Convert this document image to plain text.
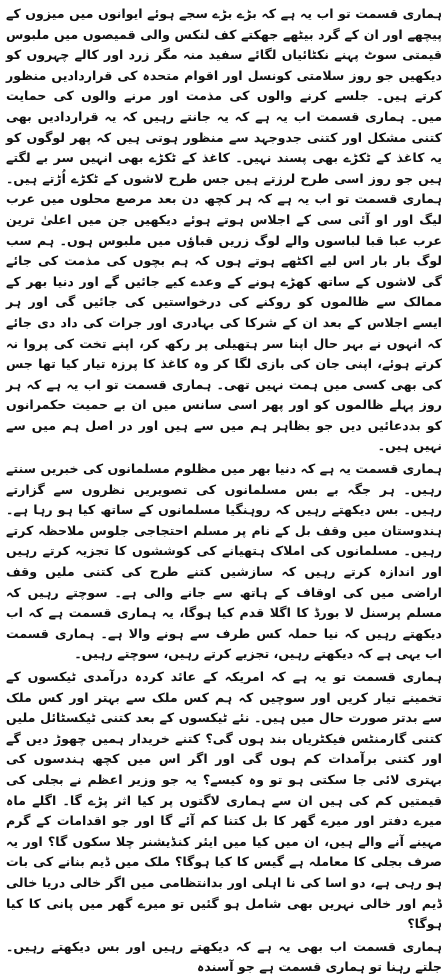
ہماری قسمت تو اب یہ ہے کہ بڑے بڑے سجے ہوئے ایوانوں میں میزوں کے پیچھے اور ان کے گرد بیٹھے جھکتے کف لنکس والی قمیصوں میں ملبوس قیمتی سوٹ پہنے نکٹائیاں لگائے سفید منہ مگر زرد اور کالے چہروں کو دیکھیں جو روز سلامتی کونسل اور اقوام متحدہ کی قراردادیں منظور کرتے ہیں۔ جلسے کرنے والوں کی مذمت اور مرنے والوں کی حمایت میں۔ ہماری قسمت اب یہ ہے کہ یہ جانتے رہیں کہ یہ قراردادیں بھی کتنی مشکل اور کتنی جدوجہد سے منظور ہوتی ہیں کہ پھر لوگوں کو یہ کاغذ کے ٹکڑے بھی پسند نہیں۔ کاغذ کے ٹکڑے بھی انہیں سر بے لگتے ہیں جو روز اسی طرح لرزتے ہیں جس طرح لاشوں کے ٹکڑے اُڑتے ہیں۔ ہماری قسمت تو اب یہ ہے کہ ہر کچھ دن بعد مرصع محلوں میں عرب لیگ اور او آئی سی کے اجلاس ہوتے ہوئے دیکھیں جن میں اعلیٰ ترین عرب عبا قبا لباسوں والے لوگ زریں قباؤں میں ملبوس ہوں۔ ہم سب لوگ بار بار اس لیے اکٹھے ہوتے ہوں کہ ہم بچوں کی مذمت کی جائے گی لاشوں کے ساتھ کھڑے ہونے کے وعدے کیے جائیں گے اور دنیا بھر کے ممالک سے ظالموں کو روکنے کی درخواستیں کی جائیں گی اور ہر ایسے اجلاس کے بعد ان کے شرکا کی بہادری اور جرات کی داد دی جائے کہ انہوں نے بہر حال اپنا سر ہتھیلی پر رکھ کر، اپنے تخت کی پروا نہ کرتے ہوئے، اپنی جان کی بازی لگا کر وہ کاغذ کا پرزہ تیار کیا تھا جس کی بھی کسی میں ہمت نہیں تھی۔ ہماری قسمت تو اب یہ ہے کہ ہر روز پہلے ظالموں کو اور پھر اسی سانس میں ان بے حمیت حکمرانوں کو بددعائیں دیں جو بظاہر ہم میں سے ہیں اور در اصل ہم میں سے نہیں ہیں۔

ہماری قسمت یہ ہے کہ دنیا بھر میں مظلوم مسلمانوں کی خبریں سنتے رہیں۔ ہر جگہ بے بس مسلمانوں کی تصویریں نظروں سے گزارتے رہیں۔ بس دیکھتے رہیں کہ روہنگیا مسلمانوں کے ساتھ کیا ہو رہا ہے۔ ہندوستان میں وقف بل کے نام پر مسلم احتجاجی جلوس ملاحظہ کرتے رہیں۔ مسلمانوں کی املاک ہتھیانے کی کوششوں کا تجزیہ کرتے رہیں اور اندازہ کرتے رہیں کہ سازشیں کتنے طرح کی کتنی ملیں وقف اراضی میں کی اوقاف کے ہاتھ سے جانے والی ہے۔ سوچتے رہیں کہ مسلم پرسنل لا بورڈ کا اگلا قدم کیا ہوگا، یہ ہماری قسمت ہے کہ اب دیکھتے رہیں کہ نیا حملہ کس طرف سے ہونے والا ہے۔ ہماری قسمت اب یہی ہے کہ دیکھتے رہیں، تجزیے کرتے رہیں، سوچتے رہیں۔

ہماری قسمت تو یہ ہے کہ امریکہ کے عائد کردہ درآمدی ٹیکسوں کے تخمینے تیار کریں اور سوچیں کہ ہم کس ملک سے بہتر اور کس ملک سے بدتر صورت حال میں ہیں۔ نئے ٹیکسوں کے بعد کتنی ٹیکسٹائل ملیں کتنی گارمنٹس فیکٹریاں بند ہوں گی؟ کتنے خریدار ہمیں چھوڑ دیں گے اور کتنی برآمدات کم ہوں گی اور اگر اس میں کچھ ہندسوں کی بہتری لائی جا سکتی ہو تو وہ کیسے؟ یہ جو وزیر اعظم نے بجلی کی قیمتیں کم کی ہیں ان سے ہماری لاگتوں پر کیا اثر پڑے گا۔ اگلے ماہ میرے دفتر اور میرے گھر کا بل کتنا کم آئے گا اور جو اقدامات کے گرم مہینے آنے والے ہیں، ان میں کیا میں ایئر کنڈیشنر چلا سکوں گا؟ اور یہ صرف بجلی کا معاملہ ہے گیس کا کیا ہوگا؟ ملک میں ڈیم بنانے کی بات ہو رہی ہے، دو اسا کی نا اہلی اور بدانتظامی میں اگر خالی دریا خالی ڈیم اور خالی نہریں بھی شامل ہو گئیں تو میرے گھر میں پانی کا کیا ہوگا؟

ہماری قسمت اب بھی یہ ہے کہ دیکھتے رہیں اور بس دیکھتے رہیں۔ جلتے رہنا تو ہماری قسمت ہے جو آسندہ
